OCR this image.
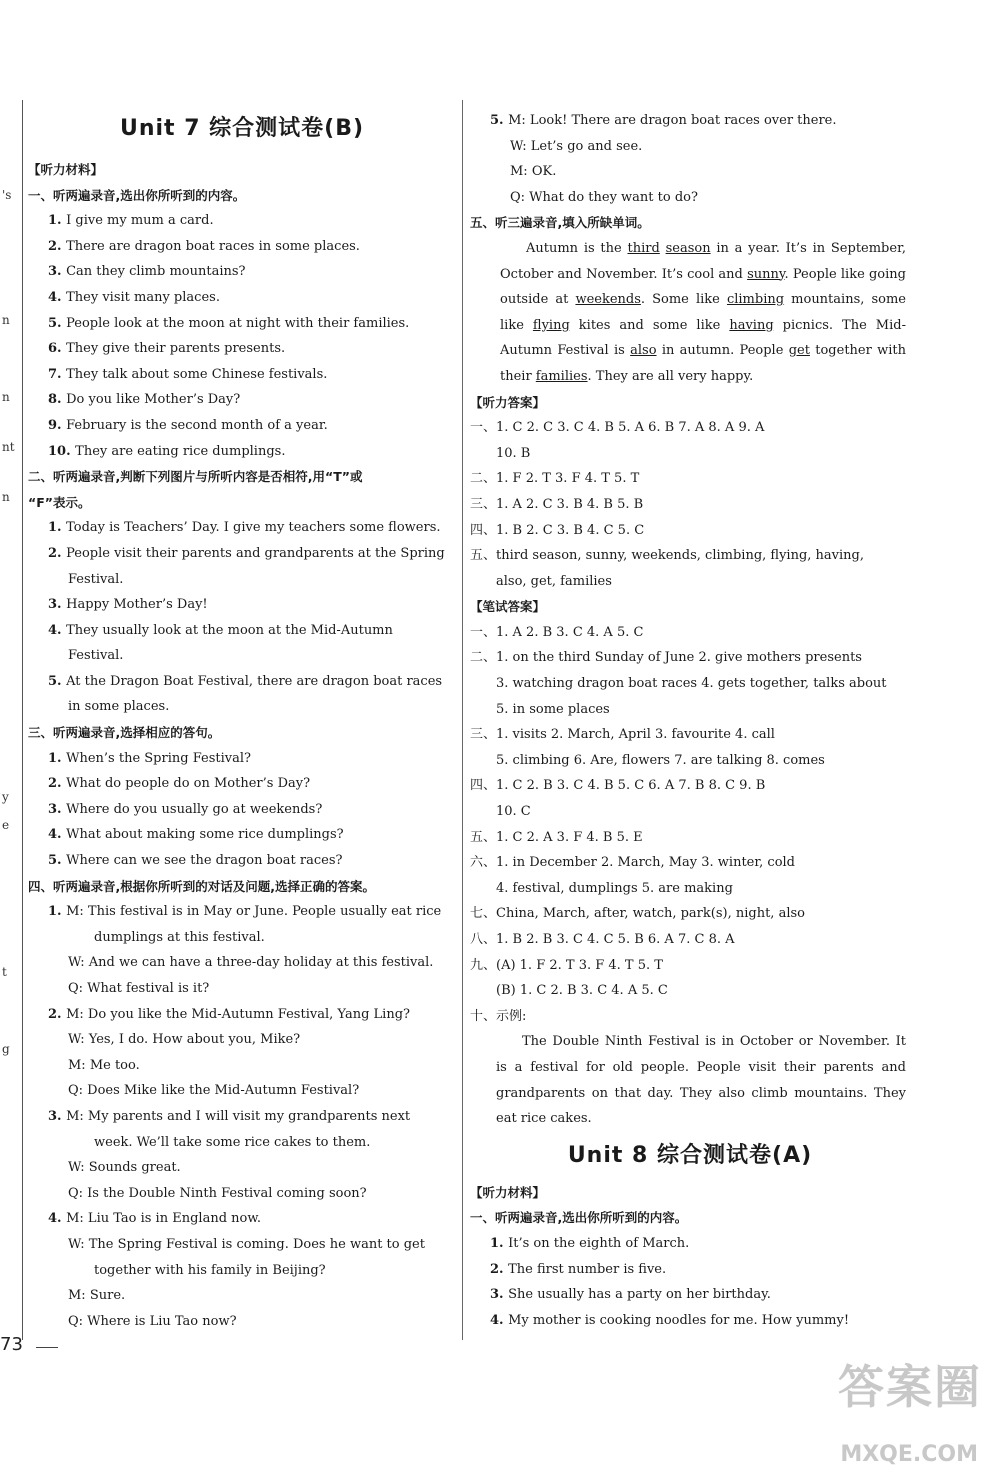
's
n
n
nt
n
y
e
t
g
Unit 7 综合测试卷(B)
【听力材料】
一、听两遍录音,选出你所听到的内容。
1. I give my mum a card.
2. There are dragon boat races in some places.
3. Can they climb mountains?
4. They visit many places.
5. People look at the moon at night with their families.
6. They give their parents presents.
7. They talk about some Chinese festivals.
8. Do you like Mother’s Day?
9. February is the second month of a year.
10. They are eating rice dumplings.
二、听两遍录音,判断下列图片与所听内容是否相符,用“T”或
“F”表示。
1. Today is Teachers’ Day. I give my teachers some flowers.
2. People visit their parents and grandparents at the Spring
Festival.
3. Happy Mother’s Day!
4. They usually look at the moon at the Mid-Autumn
Festival.
5. At the Dragon Boat Festival, there are dragon boat races
in some places.
三、听两遍录音,选择相应的答句。
1. When’s the Spring Festival?
2. What do people do on Mother’s Day?
3. Where do you usually go at weekends?
4. What about making some rice dumplings?
5. Where can we see the dragon boat races?
四、听两遍录音,根据你所听到的对话及问题,选择正确的答案。
1. M: This festival is in May or June. People usually eat rice
dumplings at this festival.
W: And we can have a three-day holiday at this festival.
Q: What festival is it?
2. M: Do you like the Mid-Autumn Festival, Yang Ling?
W: Yes, I do. How about you, Mike?
M: Me too.
Q: Does Mike like the Mid-Autumn Festival?
3. M: My parents and I will visit my grandparents next
week. We’ll take some rice cakes to them.
W: Sounds great.
Q: Is the Double Ninth Festival coming soon?
4. M: Liu Tao is in England now.
W: The Spring Festival is coming. Does he want to get
together with his family in Beijing?
M: Sure.
Q: Where is Liu Tao now?
5. M: Look! There are dragon boat races over there.
W: Let’s go and see.
M: OK.
Q: What do they want to do?
五、听三遍录音,填入所缺单词。

Autumn is the third season in a year. It’s in September, October and November. It’s cool and sunny. People like going outside at weekends. Some like climbing mountains, some like flying kites and some like having picnics. The Mid-Autumn Festival is also in autumn. People get together with their families. They are all very happy.

【听力答案】
一、1. C 2. C 3. C 4. B 5. A 6. B 7. A 8. A 9. A
10. B
二、1. F 2. T 3. F 4. T 5. T
三、1. A 2. C 3. B 4. B 5. B
四、1. B 2. C 3. B 4. C 5. C
五、third season, sunny, weekends, climbing, flying, having,
also, get, families
【笔试答案】
一、1. A 2. B 3. C 4. A 5. C
二、1. on the third Sunday of June 2. give mothers presents
3. watching dragon boat races 4. gets together, talks about
5. in some places
三、1. visits 2. March, April 3. favourite 4. call
5. climbing 6. Are, flowers 7. are talking 8. comes
四、1. C 2. B 3. C 4. B 5. C 6. A 7. B 8. C 9. B
10. C
五、1. C 2. A 3. F 4. B 5. E
六、1. in December 2. March, May 3. winter, cold
4. festival, dumplings 5. are making
七、China, March, after, watch, park(s), night, also
八、1. B 2. B 3. C 4. C 5. B 6. A 7. C 8. A
九、(A) 1. F 2. T 3. F 4. T 5. T
(B) 1. C 2. B 3. C 4. A 5. C
十、示例:

The Double Ninth Festival is in October or November. It is a festival for old people. People visit their parents and grandparents on that day. They also climb mountains. They eat rice cakes.

Unit 8 综合测试卷(A)
【听力材料】
一、听两遍录音,选出你所听到的内容。
1. It’s on the eighth of March.
2. The first number is five.
3. She usually has a party on her birthday.
4. My mother is cooking noodles for me. How yummy!
73
答案圈
MXQE.COM
